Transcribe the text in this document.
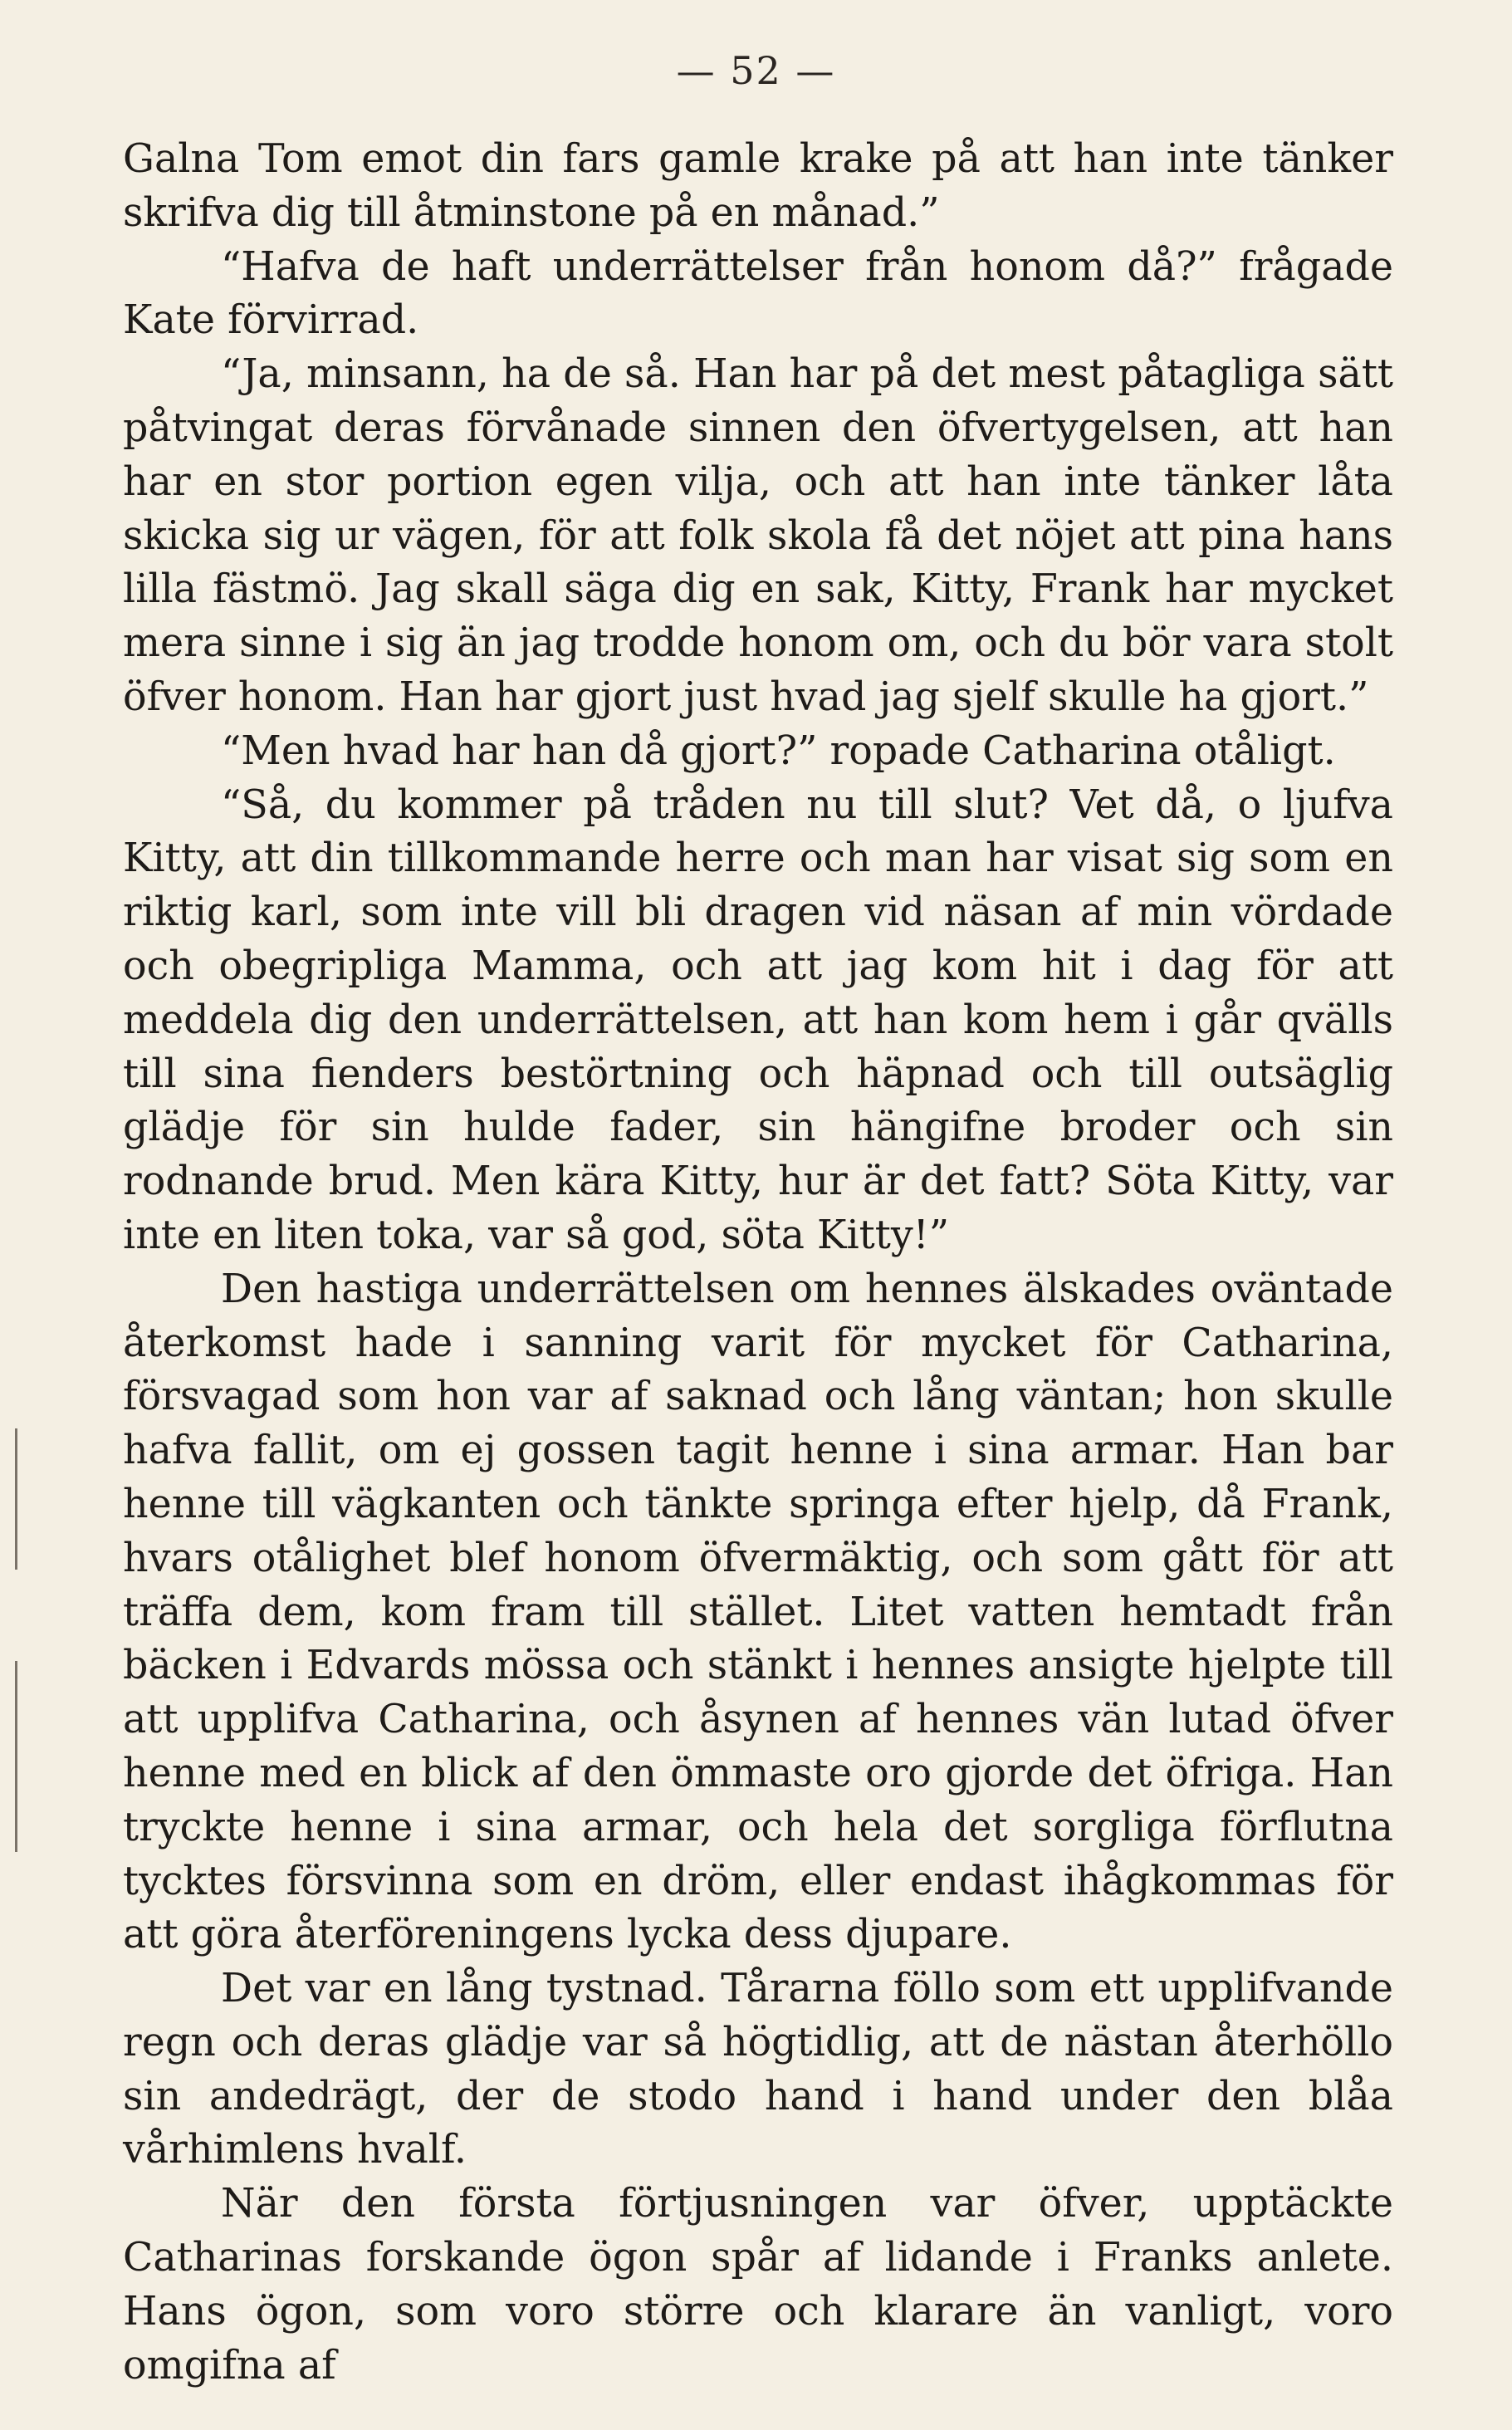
— 52 —

Galna Tom emot din fars gamle krake på att han inte tänker skrifva dig till åtminstone på en månad.”

“Hafva de haft underrättelser från honom då?” frågade Kate förvirrad.

“Ja, minsann, ha de så. Han har på det mest påtagliga sätt påtvingat deras förvånade sinnen den öfvertygelsen, att han har en stor portion egen vilja, och att han inte tänker låta skicka sig ur vägen, för att folk skola få det nöjet att pina hans lilla fästmö. Jag skall säga dig en sak, Kitty, Frank har mycket mera sinne i sig än jag trodde honom om, och du bör vara stolt öfver honom. Han har gjort just hvad jag sjelf skulle ha gjort.”

“Men hvad har han då gjort?” ropade Catharina otåligt.

“Så, du kommer på tråden nu till slut? Vet då, o ljufva Kitty, att din tillkommande herre och man har visat sig som en riktig karl, som inte vill bli dragen vid näsan af min vördade och obegripliga Mamma, och att jag kom hit i dag för att meddela dig den underrättelsen, att han kom hem i går qvälls till sina fienders bestörtning och häpnad och till outsäglig glädje för sin hulde fader, sin hängifne broder och sin rodnande brud. Men kära Kitty, hur är det fatt? Söta Kitty, var inte en liten toka, var så god, söta Kitty!”

Den hastiga underrättelsen om hennes älskades oväntade återkomst hade i sanning varit för mycket för Catharina, försvagad som hon var af saknad och lång väntan; hon skulle hafva fallit, om ej gossen tagit henne i sina armar. Han bar henne till vägkanten och tänkte springa efter hjelp, då Frank, hvars otålighet blef honom öfvermäktig, och som gått för att träffa dem, kom fram till stället. Litet vatten hemtadt från bäcken i Edvards mössa och stänkt i hennes ansigte hjelpte till att upplifva Catharina, och åsynen af hennes vän lutad öfver henne med en blick af den ömmaste oro gjorde det öfriga. Han tryckte henne i sina armar, och hela det sorgliga förflutna tycktes försvinna som en dröm, eller endast ihågkommas för att göra återföreningens lycka dess djupare.

Det var en lång tystnad. Tårarna föllo som ett upplifvande regn och deras glädje var så högtidlig, att de nästan återhöllo sin andedrägt, der de stodo hand i hand under den blåa vårhimlens hvalf.

När den första förtjusningen var öfver, upptäckte Catharinas forskande ögon spår af lidande i Franks anlete. Hans ögon, som voro större och klarare än vanligt, voro omgifna af
